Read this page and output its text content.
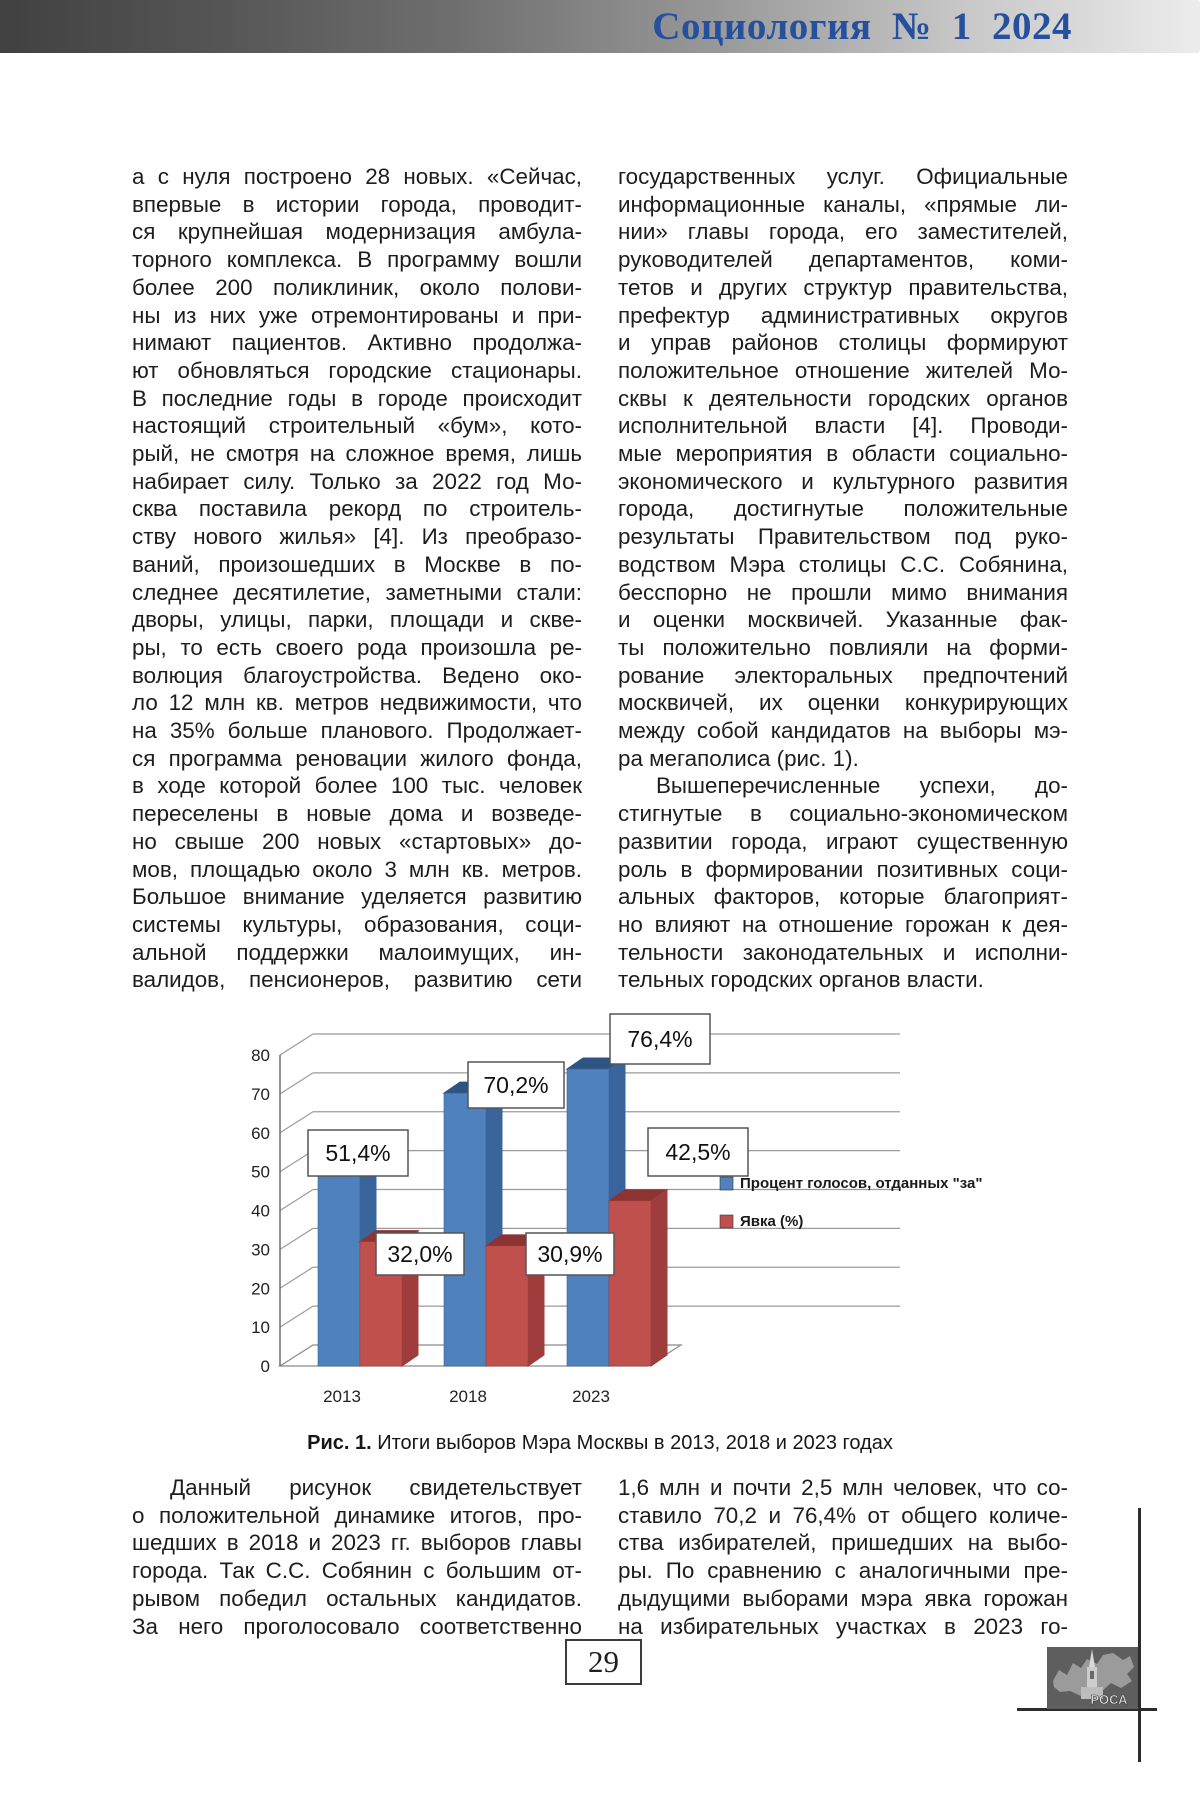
Социология № 1 2024
а с нуля построено 28 новых. «Сейчас,
впервые в истории города, проводит-
ся крупнейшая модернизация амбула-
торного комплекса. В программу вошли
более 200 поликлиник, около полови-
ны из них уже отремонтированы и при-
нимают пациентов. Активно продолжа-
ют обновляться городские стационары.
В последние годы в городе происходит
настоящий строительный «бум», кото-
рый, не смотря на сложное время, лишь
набирает силу. Только за 2022 год Мо-
сква поставила рекорд по строитель-
ству нового жилья» [4]. Из преобразо-
ваний, произошедших в Москве в по-
следнее десятилетие, заметными стали:
дворы, улицы, парки, площади и скве-
ры, то есть своего рода произошла ре-
волюция благоустройства. Ведено око-
ло 12 млн кв. метров недвижимости, что
на 35% больше планового. Продолжает-
ся программа реновации жилого фонда,
в ходе которой более 100 тыс. человек
переселены в новые дома и возведе-
но свыше 200 новых «стартовых» до-
мов, площадью около 3 млн кв. метров.
Большое внимание уделяется развитию
системы культуры, образования, соци-
альной поддержки малоимущих, ин-
валидов, пенсионеров, развитию сети
государственных услуг. Официальные
информационные каналы, «прямые ли-
нии» главы города, его заместителей,
руководителей департаментов, коми-
тетов и других структур правительства,
префектур административных округов
и управ районов столицы формируют
положительное отношение жителей Мо-
сквы к деятельности городских органов
исполнительной власти [4]. Проводи-
мые мероприятия в области социально-
экономического и культурного развития
города, достигнутые положительные
результаты Правительством под руко-
водством Мэра столицы С.С. Собянина,
бесспорно не прошли мимо внимания
и оценки москвичей. Указанные фак-
ты положительно повлияли на форми-
рование электоральных предпочтений
москвичей, их оценки конкурирующих
между собой кандидатов на выборы мэ-
ра мегаполиса (рис. 1).
Вышеперечисленные успехи, до-
стигнутые в социально-экономическом
развитии города, играют существенную
роль в формировании позитивных соци-
альных факторов, которые благоприят-
но влияют на отношение горожан к дея-
тельности законодательных и исполни-
тельных городских органов власти.
0
10
20
30
40
50
60
70
80
2013	2018	2023
51,4%
70,2%
76,4%
32,0%	30,9%
42,5%
Процент голосов, отданных "за"
Явка (%)
Рис. 1. Итоги выборов Мэра Москвы в 2013, 2018 и 2023 годах
Данный рисунок свидетельствует
о положительной динамике итогов, про-
шедших в 2018 и 2023 гг. выборов главы
города. Так С.С. Собянин с большим от-
рывом победил остальных кандидатов.
За него проголосовало соответственно
1,6 млн и почти 2,5 млн человек, что со-
ставило 70,2 и 76,4% от общего количе-
ства избирателей, пришедших на выбо-
ры. По сравнению с аналогичными пре-
дыдущими выборами мэра явка горожан
на избирательных участках в 2023 го-
29
РОСА
